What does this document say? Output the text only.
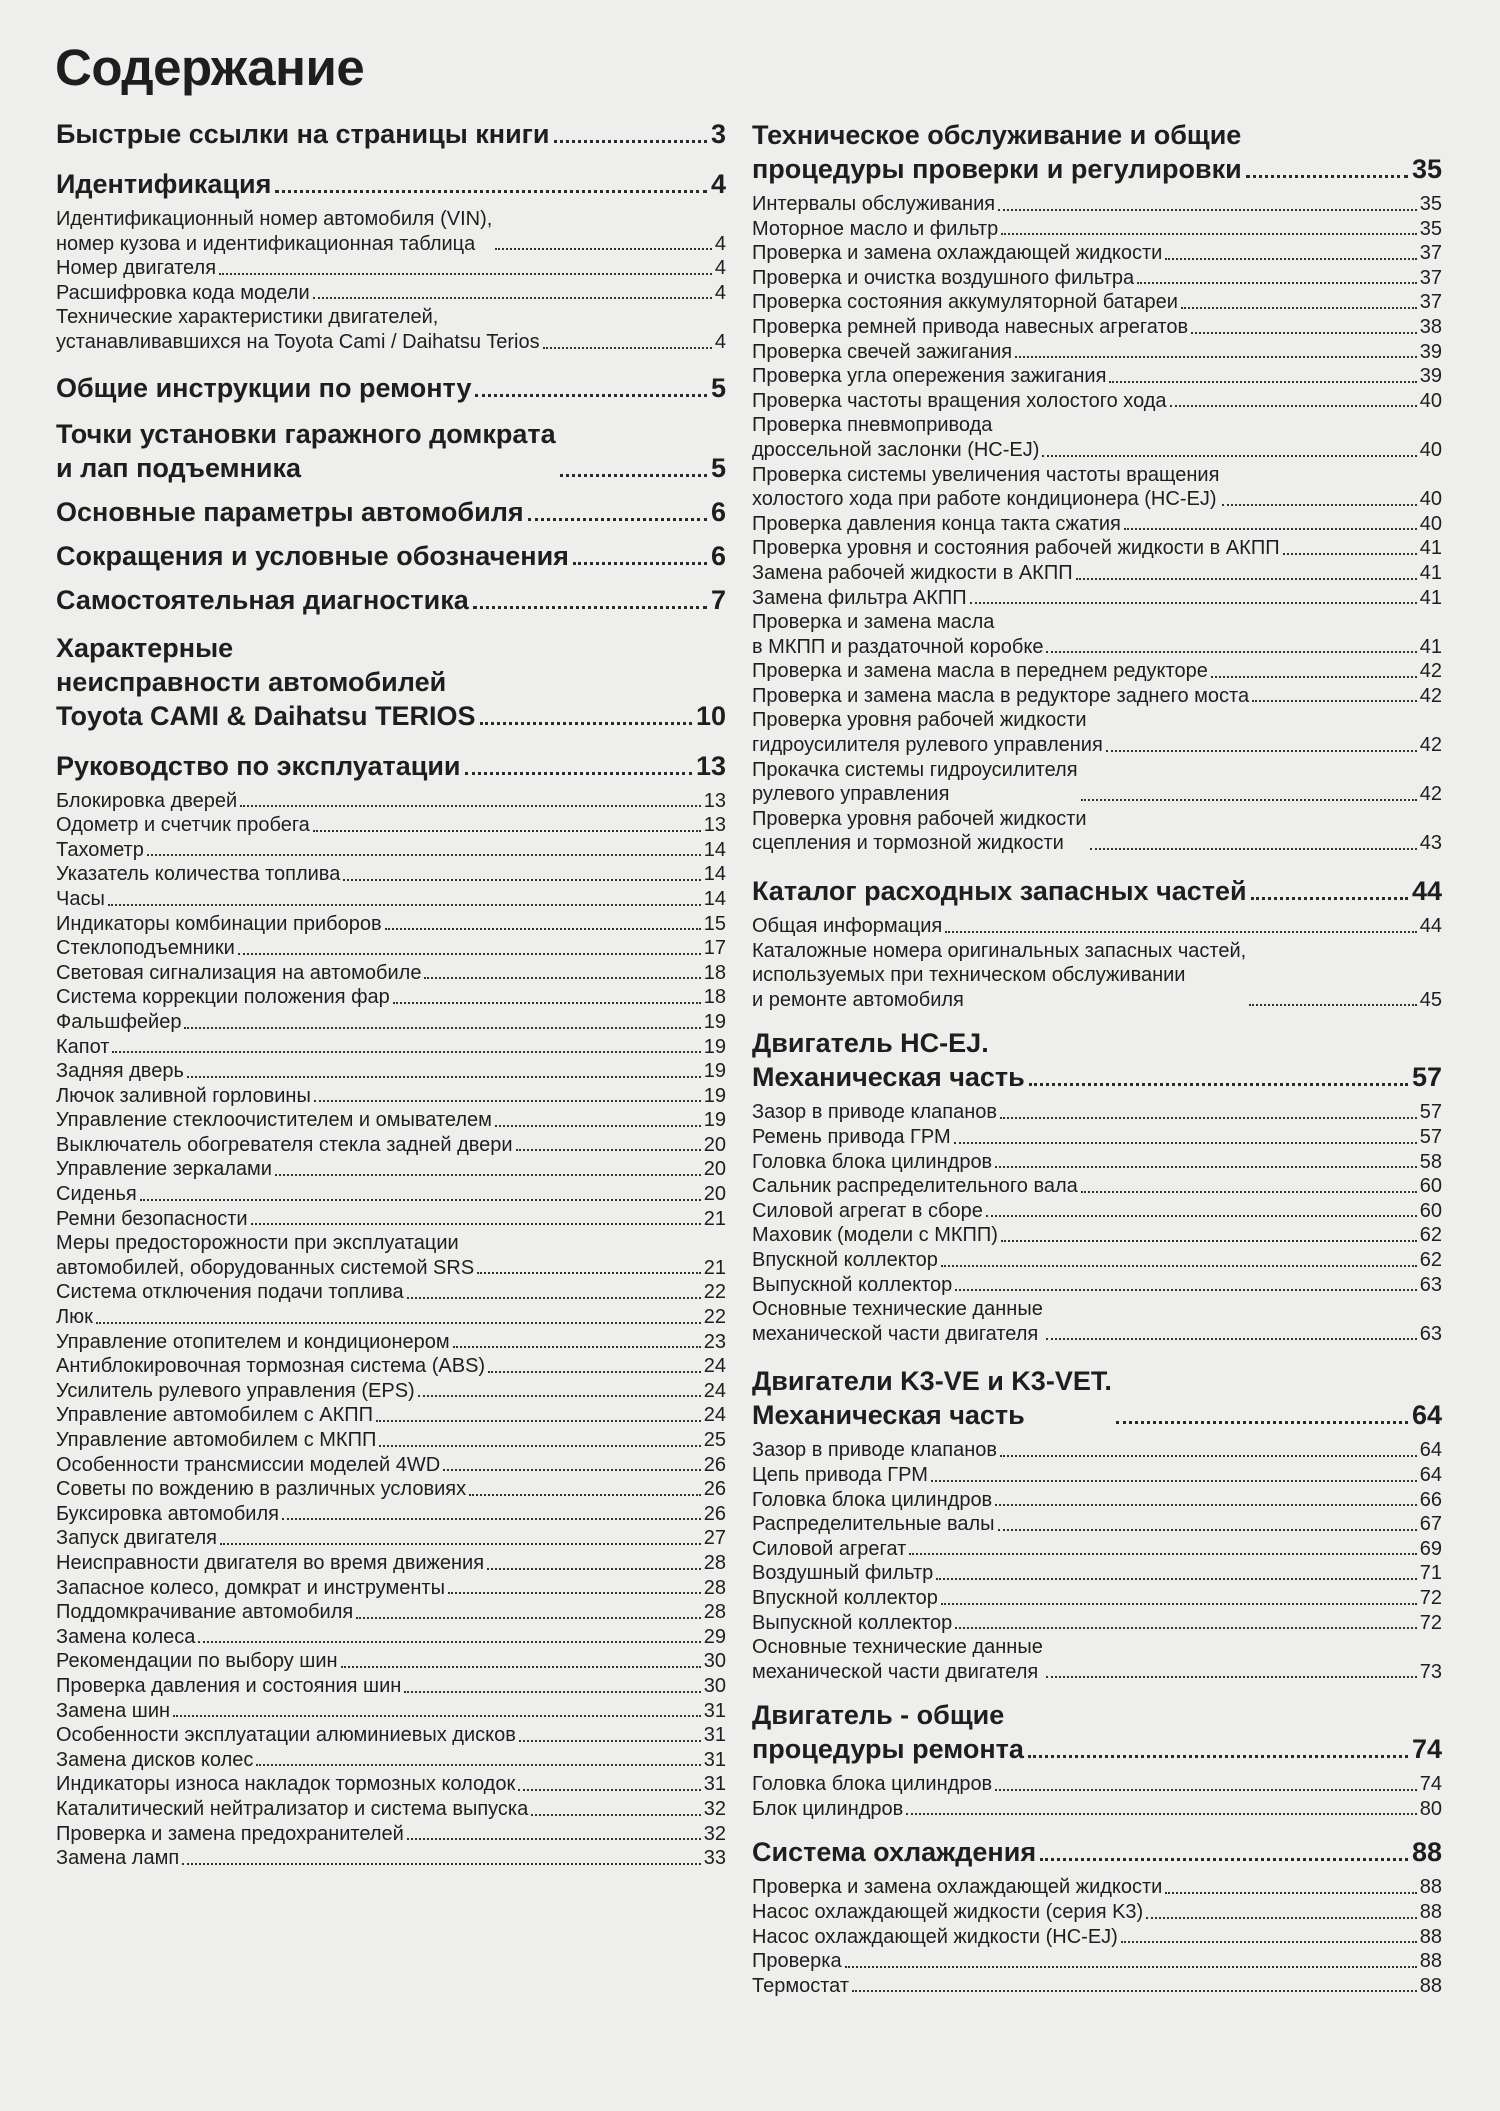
Содержание
Быстрые ссылки на страницы книги	3
Идентификация	4
Идентификационный номер автомобиля (VIN),
номер кузова и идентификационная таблица	4
Номер двигателя	4
Расшифровка кода модели	4
Технические характеристики двигателей,
устанавливавшихся на Toyota Cami / Daihatsu Terios	4
Общие инструкции по ремонту	5
Точки установки гаражного домкрата
и лап подъемника	5
Основные параметры автомобиля	6
Сокращения и условные обозначения	6
Самостоятельная диагностика	7
Характерные
неисправности автомобилей
Toyota CAMI & Daihatsu TERIOS	10
Руководство по эксплуатации	13
Блокировка дверей	13
Одометр и счетчик пробега	13
Тахометр	14
Указатель количества топлива	14
Часы	14
Индикаторы комбинации приборов	15
Стеклоподъемники	17
Световая сигнализация на автомобиле	18
Система коррекции положения фар	18
Фальшфейер	19
Капот	19
Задняя дверь	19
Лючок заливной горловины	19
Управление стеклоочистителем и омывателем	19
Выключатель обогревателя стекла задней двери	20
Управление зеркалами	20
Сиденья	20
Ремни безопасности	21
Меры предосторожности при эксплуатации
автомобилей, оборудованных системой SRS	21
Система отключения подачи топлива	22
Люк	22
Управление отопителем и кондиционером	23
Антиблокировочная тормозная система (ABS)	24
Усилитель рулевого управления (EPS)	24
Управление автомобилем с АКПП	24
Управление автомобилем с МКПП	25
Особенности трансмиссии моделей 4WD	26
Советы по вождению в различных условиях	26
Буксировка автомобиля	26
Запуск двигателя	27
Неисправности двигателя во время движения	28
Запасное колесо, домкрат и инструменты	28
Поддомкрачивание автомобиля	28
Замена колеса	29
Рекомендации по выбору шин	30
Проверка давления и состояния шин	30
Замена шин	31
Особенности эксплуатации алюминиевых дисков	31
Замена дисков колес	31
Индикаторы износа накладок тормозных колодок	31
Каталитический нейтрализатор и система выпуска	32
Проверка и замена предохранителей	32
Замена ламп	33
Техническое обслуживание и общие
процедуры проверки и регулировки	35
Интервалы обслуживания	35
Моторное масло и фильтр	35
Проверка и замена охлаждающей жидкости	37
Проверка и очистка воздушного фильтра	37
Проверка состояния аккумуляторной батареи	37
Проверка ремней привода навесных агрегатов	38
Проверка свечей зажигания	39
Проверка угла опережения зажигания	39
Проверка частоты вращения холостого хода	40
Проверка пневмопривода
дроссельной заслонки (HC-EJ)	40
Проверка системы увеличения частоты вращения
холостого хода при работе кондиционера (HC-EJ)	40
Проверка давления конца такта сжатия	40
Проверка уровня и состояния рабочей жидкости в АКПП	41
Замена рабочей жидкости в АКПП	41
Замена фильтра АКПП	41
Проверка и замена масла
в МКПП и раздаточной коробке	41
Проверка и замена масла в переднем редукторе	42
Проверка и замена масла в редукторе заднего моста	42
Проверка уровня рабочей жидкости
гидроусилителя рулевого управления	42
Прокачка системы гидроусилителя
рулевого управления	42
Проверка уровня рабочей жидкости
сцепления и тормозной жидкости	43
Каталог расходных запасных частей	44
Общая информация	44
Каталожные номера оригинальных запасных частей,
используемых при техническом обслуживании
и ремонте автомобиля	45
Двигатель HC-EJ.
Механическая часть	57
Зазор в приводе клапанов	57
Ремень привода ГРМ	57
Головка блока цилиндров	58
Сальник распределительного вала	60
Силовой агрегат в сборе	60
Маховик (модели с МКПП)	62
Впускной коллектор	62
Выпускной коллектор	63
Основные технические данные
механической части двигателя	63
Двигатели K3-VE и K3-VET.
Механическая часть	64
Зазор в приводе клапанов	64
Цепь привода ГРМ	64
Головка блока цилиндров	66
Распределительные валы	67
Силовой агрегат	69
Воздушный фильтр	71
Впускной коллектор	72
Выпускной коллектор	72
Основные технические данные
механической части двигателя	73
Двигатель - общие
процедуры ремонта	74
Головка блока цилиндров	74
Блок цилиндров	80
Система охлаждения	88
Проверка и замена охлаждающей жидкости	88
Насос охлаждающей жидкости (серия K3)	88
Насос охлаждающей жидкости (HC-EJ)	88
Проверка	88
Термостат	88
